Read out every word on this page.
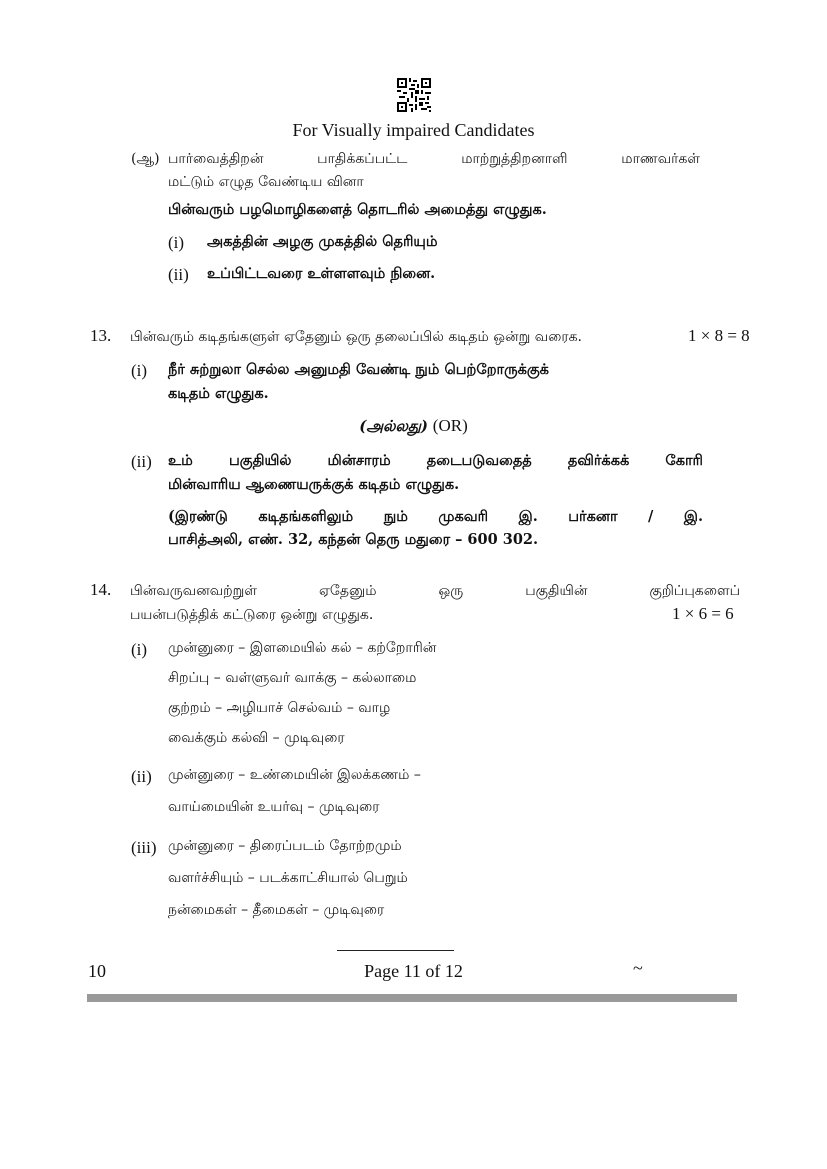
For Visually impaired Candidates
(ஆ) பார்வைத்திறன் பாதிக்கப்பட்ட மாற்றுத்திறனாளி மாணவர்கள்
மட்டும் எழுத வேண்டிய வினா
பின்வரும் பழமொழிகளைத் தொடரில் அமைத்து எழுதுக.
(i) அகத்தின் அழகு முகத்தில் தெரியும்
(ii) உப்பிட்டவரை உள்ளளவும் நினை.
13. பின்வரும் கடிதங்களுள் ஏதேனும் ஒரு தலைப்பில் கடிதம் ஒன்று வரைக.	1 × 8 = 8
(i) நீர் சுற்றுலா செல்ல அனுமதி வேண்டி நும் பெற்றோருக்குக்
கடிதம் எழுதுக.
(அல்லது) (OR)
(ii) உம் பகுதியில் மின்சாரம் தடைபடுவதைத் தவிர்க்கக் கோரி
மின்வாரிய ஆணையருக்குக் கடிதம் எழுதுக.
(இரண்டு கடிதங்களிலும் நும் முகவரி இ. பர்கனா / இ.
பாசித்அலி, எண். 32, கந்தன் தெரு மதுரை – 600 302.
14. பின்வருவனவற்றுள் ஏதேனும் ஒரு பகுதியின் குறிப்புகளைப்
பயன்படுத்திக் கட்டுரை ஒன்று எழுதுக.	1 × 6 = 6
(i) முன்னுரை – இளமையில் கல் – கற்றோரின்
சிறப்பு – வள்ளுவர் வாக்கு – கல்லாமை
குற்றம் – அழியாச் செல்வம் – வாழ
வைக்கும் கல்வி – முடிவுரை
(ii) முன்னுரை – உண்மையின் இலக்கணம் –
வாய்மையின் உயர்வு – முடிவுரை
(iii) முன்னுரை – திரைப்படம் தோற்றமும்
வளர்ச்சியும் – படக்காட்சியால் பெறும்
நன்மைகள் – தீமைகள் – முடிவுரை
10	Page 11 of 12	~
